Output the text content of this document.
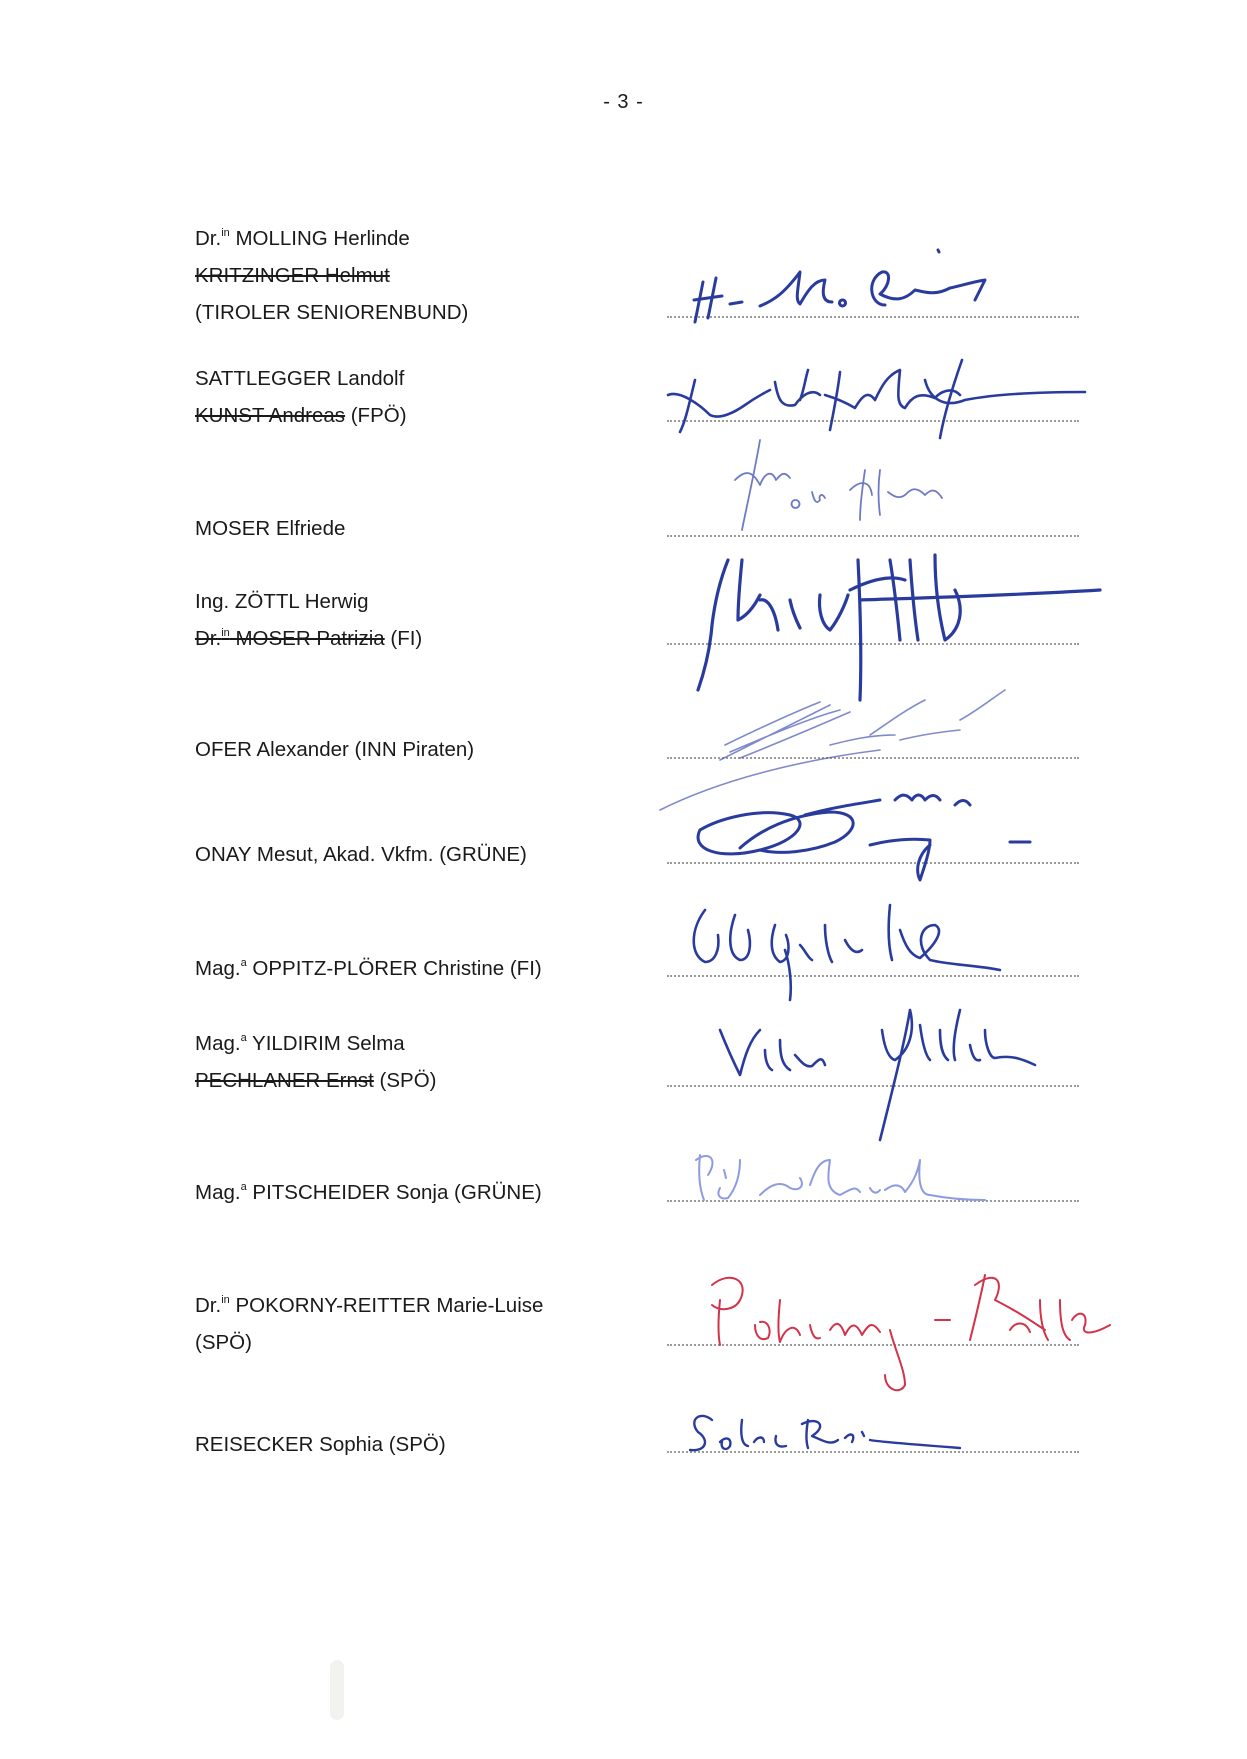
- 3 -
Dr.$^{in}$ MOLLING Herlinde
KRITZINGER Helmut
(TIROLER SENIORENBUND)
SATTLEGGER Landolf
KUNST Andreas (FPÖ)
MOSER Elfriede
Ing. ZÖTTL Herwig
Dr.$^{in}$ MOSER Patrizia (FI)
OFER Alexander (INN Piraten)
ONAY Mesut, Akad. Vkfm. (GRÜNE)
Mag.$^a$ OPPITZ-PLÖRER Christine (FI)
Mag.$^a$ YILDIRIM Selma
PECHLANER Ernst (SPÖ)
Mag.$^a$ PITSCHEIDER Sonja (GRÜNE)
Dr.$^{in}$ POKORNY-REITTER Marie-Luise
(SPÖ)
REISECKER Sophia (SPÖ)
